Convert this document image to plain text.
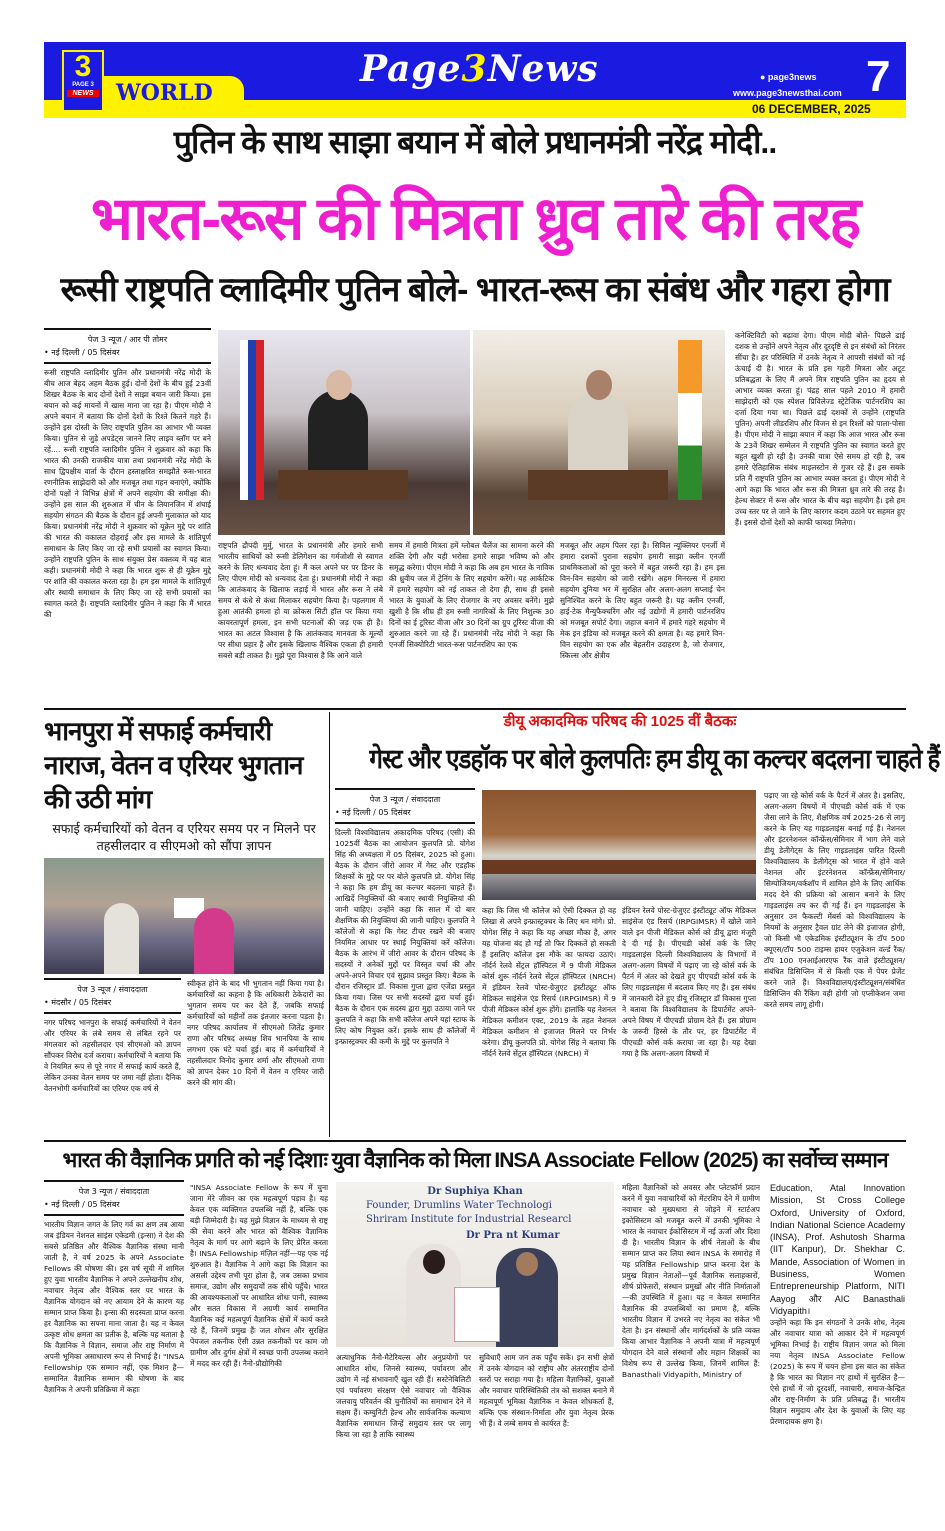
WORLD
3
PAGE 3
NEWS
Page3News	● page3news
www.page3newsthai.com 7
06 DECEMBER, 2025
पुतिन के साथ साझा बयान में बोले प्रधानमंत्री नरेंद्र मोदी..
भारत-रूस की मित्रता ध्रुव तारे की तरह
रूसी राष्ट्रपति व्लादिमीर पुतिन बोले- भारत-रूस का संबंध और गहरा होगा
पेज 3 न्यूज / आर पी तोमर
• नई दिल्ली / 05 दिसंबर
रूसी राष्ट्रपति व्लादिमीर पुतिन और प्रधानमंत्री नरेंद्र मोदी के बीच आज बेहद अहम बैठक हुई। दोनों देशों के बीच हुई 23वीं शिखर बैठक के बाद दोनों देशों ने साझा बयान जारी किया। इस बयान को कई मायनों में खास माना जा रहा है। पीएम मोदी ने अपने बयान में बताया कि दोनों देशों के रिश्ते कितने गहरे हैं। उन्होंने इस दोस्ती के लिए राष्ट्रपति पुतिन का आभार भी व्यक्त किया। पुतिन से जुड़े अपडेट्स जानने लिए लाइव ब्लॉग पर बने रहें.... रूसी राष्ट्रपति व्लादिमीर पुतिन ने शुक्रवार को कहा कि भारत की उनकी राजकीय यात्रा तथा प्रधानमंत्री नरेंद्र मोदी के साथ द्विपक्षीय वार्ता के दौरान हस्ताक्षरित समझौते रूस-भारत रणनीतिक साझेदारी को और मजबूत तथा गहन बनाएंगे, क्योंकि दोनों पक्षों ने विभिन्न क्षेत्रों में अपने सहयोग की समीक्षा की। उन्होंने इस साल की शुरुआत में चीन के तियानजिन में शंघाई सहयोग संगठन की बैठक के दौरान हुई अपनी मुलाकात को याद किया। प्रधानमंत्री नरेंद्र मोदी ने शुक्रवार को यूक्रेन मुद्दे पर शांति की भारत की वकालत दोहराई और इस मामले के शांतिपूर्ण समाधान के लिए किए जा रहे सभी प्रयासों का स्वागत किया। उन्होंने राष्ट्रपति पुतिन के साथ संयुक्त प्रेस वक्तव्य में यह बात कही। प्रधानमंत्री मोदी ने कहा कि भारत शुरू से ही यूक्रेन मुद्दे पर शांति की वकालत करता रहा है। हम इस मामले के शांतिपूर्ण और स्थायी समाधान के लिए किए जा रहे सभी प्रयासों का स्वागत करते हैं। राष्ट्रपति व्लादिमीर पुतिन ने कहा कि मैं भारत की
राष्ट्रपति द्रौपदी मुर्मु, भारत के प्रधानमंत्री और हमारे सभी भारतीय साथियों को रूसी डेलिगेशन का गर्मजोशी से स्वागत करने के लिए धन्यवाद देता हूं। मैं कल अपने घर पर डिनर के लिए पीएम मोदी को धन्यवाद देता हूं। प्रधानमंत्री मोदी ने कहा कि आतंकवाद के खिलाफ लड़ाई में भारत और रूस ने लंबे समय से कंधे से कंधा मिलाकर सहयोग किया है। पहलगाम में हुआ आतंकी हमला हो या क्रोकस सिटी हॉल पर किया गया कायरतापूर्ण हमला, इन सभी घटनाओं की जड़ एक ही है। भारत का अटल विश्वास है कि आतंकवाद मानवता के मूल्यों पर सीधा प्रहार है और इसके खिलाफ वैश्विक एकता ही हमारी सबसे बड़ी ताकत है। मुझे पूरा विश्वास है कि आने वाले
समय में हमारी मित्रता हमें ग्लोबल चैलेंज का सामना करने की शक्ति देगी और यही भरोसा हमारे साझा भविष्य को और समृद्ध करेगा। पीएम मोदी ने कहा कि अब हम भारत के नाविक की ध्रुवीय जल में ट्रेनिंग के लिए सहयोग करेंगे। यह आर्कटिक में हमारे सहयोग को नई ताकत तो देगा ही, साथ ही इससे भारत के युवाओं के लिए रोजगार के नए अवसर बनेंगे। मुझे खुशी है कि शीघ्र ही हम रूसी नागरिकों के लिए निशुल्क 30 दिनों का ई टूरिस्ट वीजा और 30 दिनों का ग्रुप टूरिस्ट वीजा की शुरुआत करने जा रहे हैं। प्रधानमंत्री नरेंद्र मोदी ने कहा कि एनर्जी सिक्योरिटी भारत-रूस पार्टनरशिप का एक
मजबूत और अहम पिलर रहा है। सिविल न्यूक्लियर एनर्जी में हमारा दशकों पुराना सहयोग हमारी साझा क्लीन एनर्जी प्राथमिकताओं को पूरा करने में बहुत जरूरी रहा है। हम इस विन-विन सहयोग को जारी रखेंगे। अहम मिनरल्स में हमारा सहयोग दुनिया भर में सुरक्षित और अलग-अलग सप्लाई चेन सुनिश्चित करने के लिए बहुत जरूरी है। यह क्लीन एनर्जी, हाई-टेक मैन्युफैक्चरिंग और नई उद्योगों में हमारी पार्टनरशिप को मजबूत सपोर्ट देगा। जहाज बनाने में हमारे गहरे सहयोग में मेक इन इंडिया को मजबूत करने की क्षमता है। यह हमारे विन-विन सहयोग का एक और बेहतरीन उदाहरण है, जो रोजगार, स्किल्स और क्षेत्रीय
कनेक्टिविटी को बढ़ावा देगा। पीएम मोदी बोले- पिछले ढाई दशक से उन्होंने अपने नेतृत्व और दूरदृष्टि से इन संबंधों को निरंतर सींचा है। हर परिस्थिति में उनके नेतृत्व ने आपसी संबंधों को नई ऊंचाई दी है। भारत के प्रति इस गहरी मित्रता और अटूट प्रतिबद्धता के लिए मैं अपने मित्र राष्ट्रपति पुतिन का हृदय से आभार व्यक्त करता हूं। पंद्रह साल पहले 2010 में हमारी साझेदारी को एक स्पेशल प्रिविलेज्ड स्ट्रेटेजिक पार्टनरशिप का दर्जा दिया गया था। पिछले ढाई दशकों से उन्होंने (राष्ट्रपति पुतिन) अपनी लीडरशिप और विजन से इन रिश्तों को पाला-पोसा है। पीएम मोदी ने साझा बयान में कहा कि आज भारत और रूस के 23वें शिखर सम्मेलन में राष्ट्रपति पुतिन का स्वागत करते हुए बहुत खुशी हो रही है। उनकी यात्रा ऐसे समय हो रही है, जब हमारे ऐतिहासिक संबंध माइलस्टोन से गुजर रहे हैं। इस सबके प्रति मैं राष्ट्रपति पुतिन का आभार व्यक्त करता हूं। पीएम मोदी ने आगे कहा कि भारत और रूस की मित्रता ध्रुव तारे की तरह है। हेल्थ सेक्टर में रूस और भारत के बीच बढ़ा सहयोग है। इसे हम उच्च स्तर पर ले जाने के लिए कारगर कदम उठाने पर सहमत हुए हैं। इससे दोनों देशों को काफी फायदा मिलेगा।
भानपुरा में सफाई कर्मचारी नाराज, वेतन व एरियर भुगतान की उठी मांग
सफाई कर्मचारियों को वेतन व एरियर समय पर न मिलने पर तहसीलदार व सीएमओ को सौंपा ज्ञापन
पेज 3 न्यूज / संवाददाता
• मंदसौर / 05 दिसंबर
नगर परिषद भानपुरा के सफाई कर्मचारियों ने वेतन और एरियर के लंबे समय से लंबित रहने पर मंगलवार को तहसीलदार एवं सीएमओ को ज्ञापन सौंपकर विरोध दर्ज कराया। कर्मचारियों ने बताया कि वे नियमित रूप से पूरे नगर में सफाई कार्य करते हैं, लेकिन उनका वेतन समय पर जमा नहीं होता। दैनिक वेतनभोगी कर्मचारियों का एरियर एक वर्ष से
स्वीकृत होने के बाद भी भुगतान नहीं किया गया है। कर्मचारियों का कहना है कि अधिकारी ठेकेदारों का भुगतान समय पर कर देते हैं, जबकि सफाई कर्मचारियों को महीनों तक इंतजार करना पड़ता है। नगर परिषद कार्यालय में सीएमओ जितेंद्र कुमार राणा और परिषद अध्यक्ष शिव भानपिया के साथ लगभग एक घंटे चर्चा हुई। बाद में कर्मचारियों ने तहसीलदार विनोद कुमार शर्मा और सीएमओ राणा को ज्ञापन देकर 10 दिनों में वेतन व एरियर जारी करने की मांग की।
डीयू अकादमिक परिषद की 1025 वीं बैठकः
गेस्ट और एडहॉक पर बोले कुलपतिः हम डीयू का कल्चर बदलना चाहते हैं
पेज 3 न्यूज / संवाददाता
• नई दिल्ली / 05 दिसंबर
दिल्ली विश्वविद्यालय अकादमिक परिषद (एसी) की 1025वीं बैठक का आयोजन कुलपति प्रो. योगेश सिंह की अध्यक्षता में 05 दिसंबर, 2025 को हुआ। बैठक के दौरान जीरो आवर में गेस्ट और एडहॉक शिक्षकों के मुद्दे पर पर बोले कुलपति प्रो. योगेश सिंह ने कहा कि हम डीयू का कल्चर बदलना चाहते हैं। आखिर्दे नियुक्तियों की बजाए स्थायी नियुक्तियां की जानी चाहिए। उन्होंने कहा कि साल में दो बार शैक्षणिक की नियुक्तियां की जानी चाहिए। कुलपति ने कॉलेजों से कहा कि गेस्ट टीचर रखने की बजाए नियमित आधार पर स्थाई नियुक्तियां करें कॉलेज। बैठक के आरंभ में जीरो आवर के दौरान परिषद के सदस्यों ने अनेकों मुद्दों पर विस्तृत चर्चा की और अपने-अपने विचार एवं सुझाव प्रस्तुत किए। बैठक के दौरान रजिस्ट्रार डॉ. विकास गुप्ता द्वारा एजेंडा प्रस्तुत किया गया। जिस पर सभी सदस्यों द्वारा चर्चा हुई। बैठक के दौरान एक सदस्य द्वारा मुद्दा उठाया जाने पर कुलपति ने कहा कि सभी कॉलेज अपने यहां स्टाफ के लिए कोष नियुक्त करें। इसके साथ ही कॉलेजों में इन्फ्रास्ट्रक्चर की कमी के मुद्दे पर कुलपति ने
कहा कि जिस भी कॉलेज को ऐसी दिक्कत हो वह लिखा से अपने इन्फ्रास्ट्रक्चर के लिए धन मांगे। प्रो. योगेश सिंह ने कहा कि यह अच्छा मौका है, अगर यह योजना बंद हो गई तो फिर दिक्कतें हो सकती हैं इसलिए कॉलेज इस मौके का फायदा उठाएं। नॉर्दर्न रेलवे सेंट्रल हॉस्पिटल में 9 पीजी मेडिकल कोर्स शुरू नॉर्दर्न रेलवे सेंट्रल हॉस्पिटल (NRCH) में इंडियन रेलवे पोस्ट-ग्रेजुएट इंस्टीट्यूट ऑफ मेडिकल साइंसेज एंड रिसर्च (IRPGIMSR) में 9 पीजी मेडिकल कोर्स शुरू होंगे। हालांकि यह नेशनल मेडिकल कमीशन एक्ट, 2019 के तहत नेशनल मेडिकल कमीशन से इजाजत मिलने पर निर्भर करेगा। डीयू कुलपति प्रो. योगेश सिंह ने बताया कि नॉर्दर्न रेलवे सेंट्रल हॉस्पिटल (NRCH) में
इंडियन रेलवे पोस्ट-ग्रेजुएट इंस्टीट्यूट ऑफ मेडिकल साइंसेज एंड रिसर्च (IRPGIMSR) में खोले जाने वाले इन पीजी मेडिकल कोर्स को डीयू द्वारा मंजूरी दे दी गई है। पीएचडी कोर्स वर्क के लिए गाइडलाइंस दिल्ली विश्वविद्यालय के विभागों में अलग-अलग विषयों में पढ़ाए जा रहे कोर्स वर्क के पैटर्न में अंतर को देखते हुए पीएचडी कोर्स वर्क के लिए गाइडलाइंस में बदलाव किए गए हैं। इस संबंध में जानकारी देते हुए डीयू रजिस्ट्रार डॉ विकास गुप्ता ने बताया कि विश्वविद्यालय के डिपार्टमेंट अपने-अपने विषय में पीएचडी प्रोग्राम देते हैं। इस प्रोग्राम के जरूरी हिस्से के तौर पर, हर डिपार्टमेंट में पीएचडी कोर्स वर्क कराया जा रहा है। यह देखा गया है कि अलग-अलग विषयों में
पढ़ाए जा रहे कोर्स वर्क के पैटर्न में अंतर है। इसलिए, अलग-अलग विषयों में पीएचडी कोर्स वर्क में एक जैसा लाने के लिए, शैक्षणिक वर्ष 2025-26 से लागू करने के लिए यह गाइडलाइंस बनाई गई हैं। नेशनल और इंटरनेशनल कॉन्फ्रेंस/सेमिनार में भाग लेने वाले डीयू डेलीगेट्स के लिए गाइडलाइंस पारित दिल्ली विश्वविद्यालय के डेलीगेट्स को भारत में होने वाले नेशनल और इंटरनेशनल कॉन्फ्रेंस/सेमिनार/सिम्पोजियम/वर्कशॉप में शामिल होने के लिए आर्थिक मदद देने की प्रक्रिया को आसान बनाने के लिए गाइडलाइंस तय कर दी गई हैं। इन गाइडलाइंस के अनुसार उन फैकल्टी मेंबर्स को विश्वविद्यालय के नियमों के अनुसार ट्रैवल ग्रांट लेने की इजाजत होगी, जो किसी भी एकेडमिक इंस्टीट्यूशन के टॉप 500 क्यूएस/टॉप 500 टाइम्स हायर एजुकेशन वर्ल्ड रैंक/टॉप 100 एनआईआरएफ रैंक वाले इंस्टीट्यूशन/संबंधित डिसिप्लिन में से किसी एक में पेपर प्रेजेंट करने जाते हैं। विश्वविद्यालय/इंस्टीट्यूशन/संबंधित डिसिप्लिन की रैंकिंग वही होगी जो एप्लीकेशन जमा करते समय लागू होगी।
भारत की वैज्ञानिक प्रगति को नई दिशाः युवा वैज्ञानिक को मिला INSA Associate Fellow (2025) का सर्वोच्च सम्मान
पेज 3 न्यूज / संवाददाता
• नई दिल्ली / 05 दिसंबर
भारतीय विज्ञान जगत के लिए गर्व का क्षण तब आया जब इंडियन नेशनल साइंस एकेडमी (इन्सा) ने देश की सबसे प्रतिष्ठित और वैश्विक वैज्ञानिक संस्था मानी जाती है, ने वर्ष 2025 के अपने Associate Fellows की घोषणा की। इस वर्ष सूची में शामिल हुए युवा भारतीय वैज्ञानिक ने अपने उल्लेखनीय शोध, नवाचार नेतृत्व और वैश्विक स्तर पर भारत के वैज्ञानिक योगदान को नए आयाम देने के कारण यह सम्मान प्राप्त किया है। इन्सा की सदस्यता प्राप्त करना हर वैज्ञानिक का सपना माना जाता है। यह न केवल उत्कृष्ट शोध क्षमता का प्रतीक है, बल्कि यह बताता है कि वैज्ञानिक ने विज्ञान, समाज और राष्ट्र निर्माण में अपनी भूमिका असाधारण रूप से निभाई है। "INSA Fellowship एक सम्मान नहीं, एक मिशन है—सम्मानित वैज्ञानिक सम्मान की घोषणा के बाद वैज्ञानिक ने अपनी प्रतिक्रिया में कहाः
"INSA Associate Fellow के रूप में चुना जाना मेरे जीवन का एक महत्वपूर्ण पड़ाव है। यह केवल एक व्यक्तिगत उपलब्धि नहीं है, बल्कि एक बड़ी जिम्मेदारी है। यह मुझे विज्ञान के माध्यम से राष्ट्र की सेवा करने और भारत को वैश्विक वैज्ञानिक नेतृत्व के मार्ग पर आगे बढ़ाने के लिए प्रेरित करता है। INSA Fellowship मंज़िल नहीं—यह एक नई शुरुआत है। वैज्ञानिक ने आगे कहा कि विज्ञान का असली उद्देश्य तभी पूरा होता है, जब उसका प्रभाव समाज, उद्योग और समुदायों तक सीधे पहुँचे। भारत की आवश्यकताओं पर आधारित शोधः पानी, स्वास्थ्य और सतत विकास में अग्रणी कार्य सम्मानित वैज्ञानिक कई महत्वपूर्ण वैज्ञानिक क्षेत्रों में कार्य करते रहे हैं, जिनमें प्रमुख हैंः जल शोधन और सुरक्षित पेयजल तकनीक ऐसी उन्नत तकनीकों पर काम जो ग्रामीण और दुर्गम क्षेत्रों में स्वच्छ पानी उपलब्ध कराने में मदद कर रही हैं। नैनो-प्रौद्योगिकी
Dr Suphiya Khan
Founder, Drumlins Water Technologi
Shriram Institute for Industrial Researcl
Dr Pra nt Kumar
अत्याधुनिक नैनो-मैटेरियल्स और अनुप्रयोगों पर आधारित शोध, जिनसे स्वास्थ्य, पर्यावरण और उद्योग में नई संभावनाएँ खुल रही हैं। सस्टेनेबिलिटी एवं पर्यावरण संरक्षण ऐसे नवाचार जो वैश्विक जलवायु परिवर्तन की चुनौतियों का समाधान देने में सक्षम हैं। कम्युनिटी हेल्थ और सार्वजनिक कल्याण वैज्ञानिक समाधान जिन्हें समुदाय स्तर पर लागू किया जा रहा है ताकि स्वास्थ्य
सुविधाएँ आम जन तक पहुँच सकें। इन सभी क्षेत्रों में उनके योगदान को राष्ट्रीय और अंतरराष्ट्रीय दोनों स्तरों पर सराहा गया है। महिला वैज्ञानिकों, युवाओं और नवाचार पारिस्थितिकी तंत्र को सशक्त बनाने में महत्वपूर्ण भूमिका वैज्ञानिक न केवल शोधकर्ता हैं, बल्कि एक संस्थान-निर्माता और युवा नेतृत्व प्रेरक भी हैं। वे लम्बे समय से कार्यरत हैं:
महिला वैज्ञानिकों को अवसर और प्लेटफ़ॉर्म प्रदान करने में युवा नवाचारियों को मेंटरशिप देने में ग्रामीण नवाचार को मुख्यधारा से जोड़ने में स्टार्टअप इकोसिस्टम को मजबूत करने में उनकी भूमिका ने भारत के नवाचार ईकोसिस्टम में नई ऊर्जा और दिशा दी है। भारतीय विज्ञान के शीर्ष नेताओं के बीच सम्मान प्राप्त कर लिया स्थान INSA के समारोह में यह प्रतिष्ठित Fellowship प्राप्त करना देश के प्रमुख विज्ञान नेताओं—पूर्व वैज्ञानिक सलाहकारों, शीर्ष प्रोफेसरों, संस्थान प्रमुखों और नीति निर्माताओं—की उपस्थिति में हुआ। यह न केवल सम्मानित वैज्ञानिक की उपलब्धियों का प्रमाण है, बल्कि भारतीय विज्ञान में उभरते नए नेतृत्व का संकेत भी देता है। इन संस्थानों और मार्गदर्शकों के प्रति व्यक्त किया आभार वैज्ञानिक ने अपनी यात्रा में महत्वपूर्ण योगदान देने वाले संस्थानों और महान शिक्षकों का विशेष रूप से उल्लेख किया, जिनमें शामिल हैं: Banasthali Vidyapith, Ministry of
Education, Atal Innovation Mission, St Cross College Oxford, University of Oxford, Indian National Science Academy (INSA), Prof. Ashutosh Sharma (IIT Kanpur), Dr. Shekhar C. Mande, Association of Women in Business, Women Entrepreneurship Platform, NITI Aayog और AIC Banasthali Vidyapith।
उन्होंने कहा कि इन संगठनों ने उनके शोध, नेतृत्व और नवाचार यात्रा को आकार देने में महत्वपूर्ण भूमिका निभाई है। राष्ट्रीय विज्ञान जगत को मिला नया नेतृत्व INSA Associate Fellow (2025) के रूप में चयन होना इस बात का संकेत है कि भारत का विज्ञान नए हाथों में सुरक्षित है—ऐसे हाथों में जो दूरदर्शी, नवाचारी, समाज-केन्द्रित और राष्ट्र-निर्माण के प्रति प्रतिबद्ध हैं। भारतीय विज्ञान समुदाय और देश के युवाओं के लिए यह प्रेरणादायक क्षण है।
